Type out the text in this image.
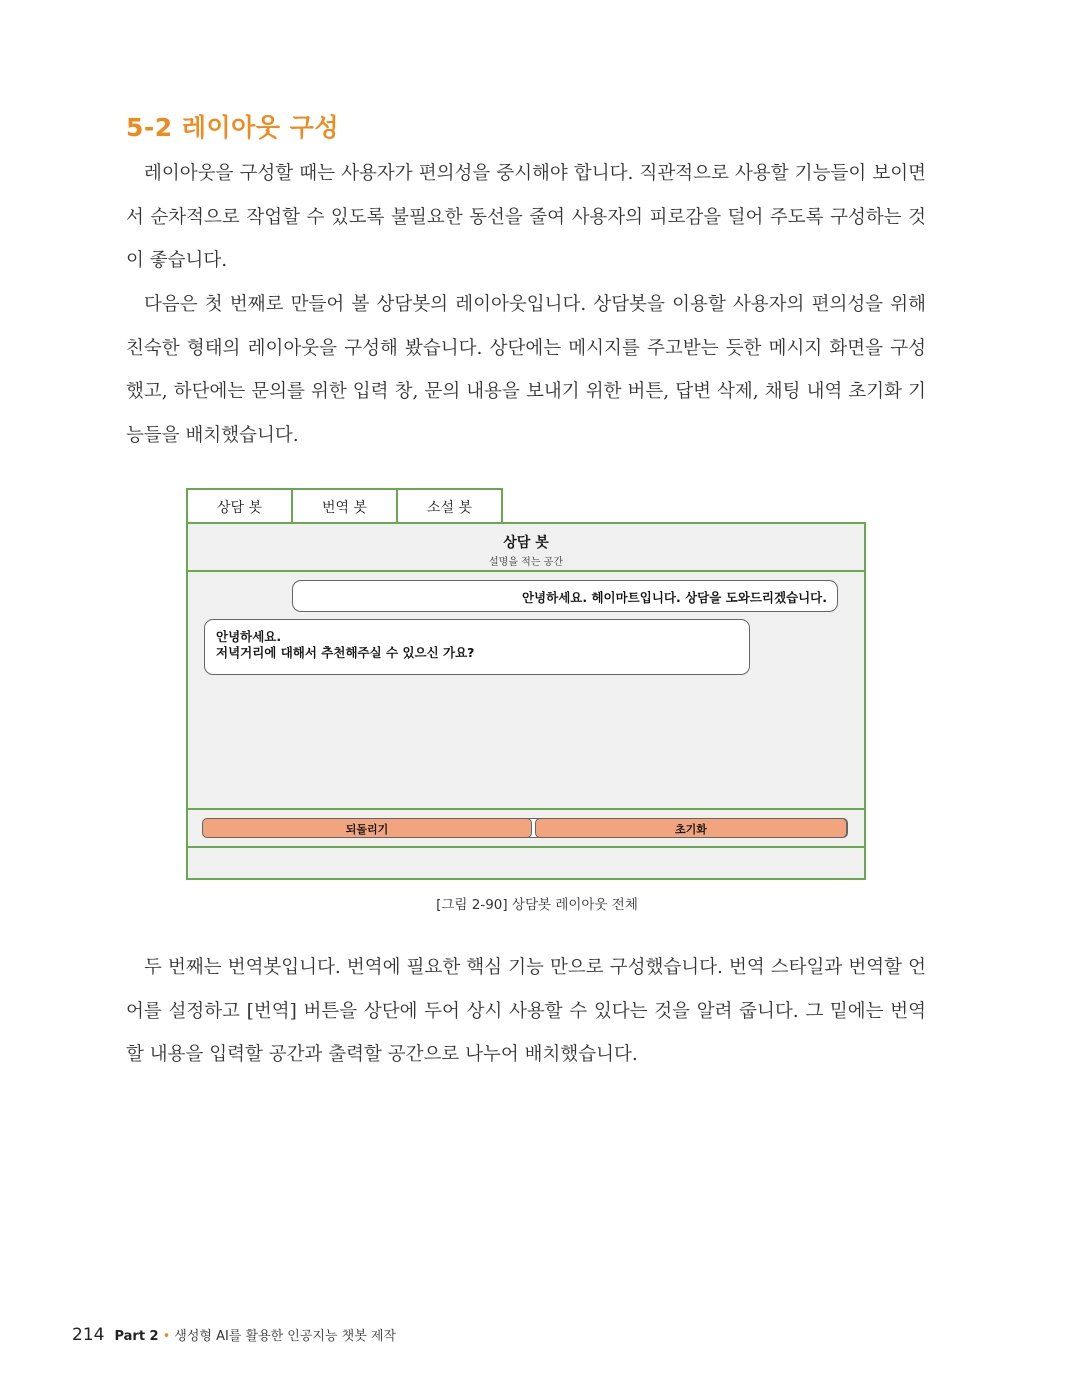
5-2 레이아웃 구성

레이아웃을 구성할 때는 사용자가 편의성을 중시해야 합니다. 직관적으로 사용할 기능들이 보이면서 순차적으로 작업할 수 있도록 불필요한 동선을 줄여 사용자의 피로감을 덜어 주도록 구성하는 것이 좋습니다.

다음은 첫 번째로 만들어 볼 상담봇의 레이아웃입니다. 상담봇을 이용할 사용자의 편의성을 위해 친숙한 형태의 레이아웃을 구성해 봤습니다. 상단에는 메시지를 주고받는 듯한 메시지 화면을 구성했고, 하단에는 문의를 위한 입력 창, 문의 내용을 보내기 위한 버튼, 답변 삭제, 채팅 내역 초기화 기능들을 배치했습니다.

상담 봇	번역 봇	소설 봇
상담 봇
설명을 적는 공간
안녕하세요. 헤이마트입니다. 상담을 도와드리겠습니다.
안녕하세요.
저녁거리에 대해서 추천해주실 수 있으신 가요?
되돌리기	초기화
[그림 2-90] 상담봇 레이아웃 전체

두 번째는 번역봇입니다. 번역에 필요한 핵심 기능 만으로 구성했습니다. 번역 스타일과 번역할 언어를 설정하고 [번역] 버튼을 상단에 두어 상시 사용할 수 있다는 것을 알려 줍니다. 그 밑에는 번역할 내용을 입력할 공간과 출력할 공간으로 나누어 배치했습니다.

214 Part 2 • 생성형 AI를 활용한 인공지능 챗봇 제작
